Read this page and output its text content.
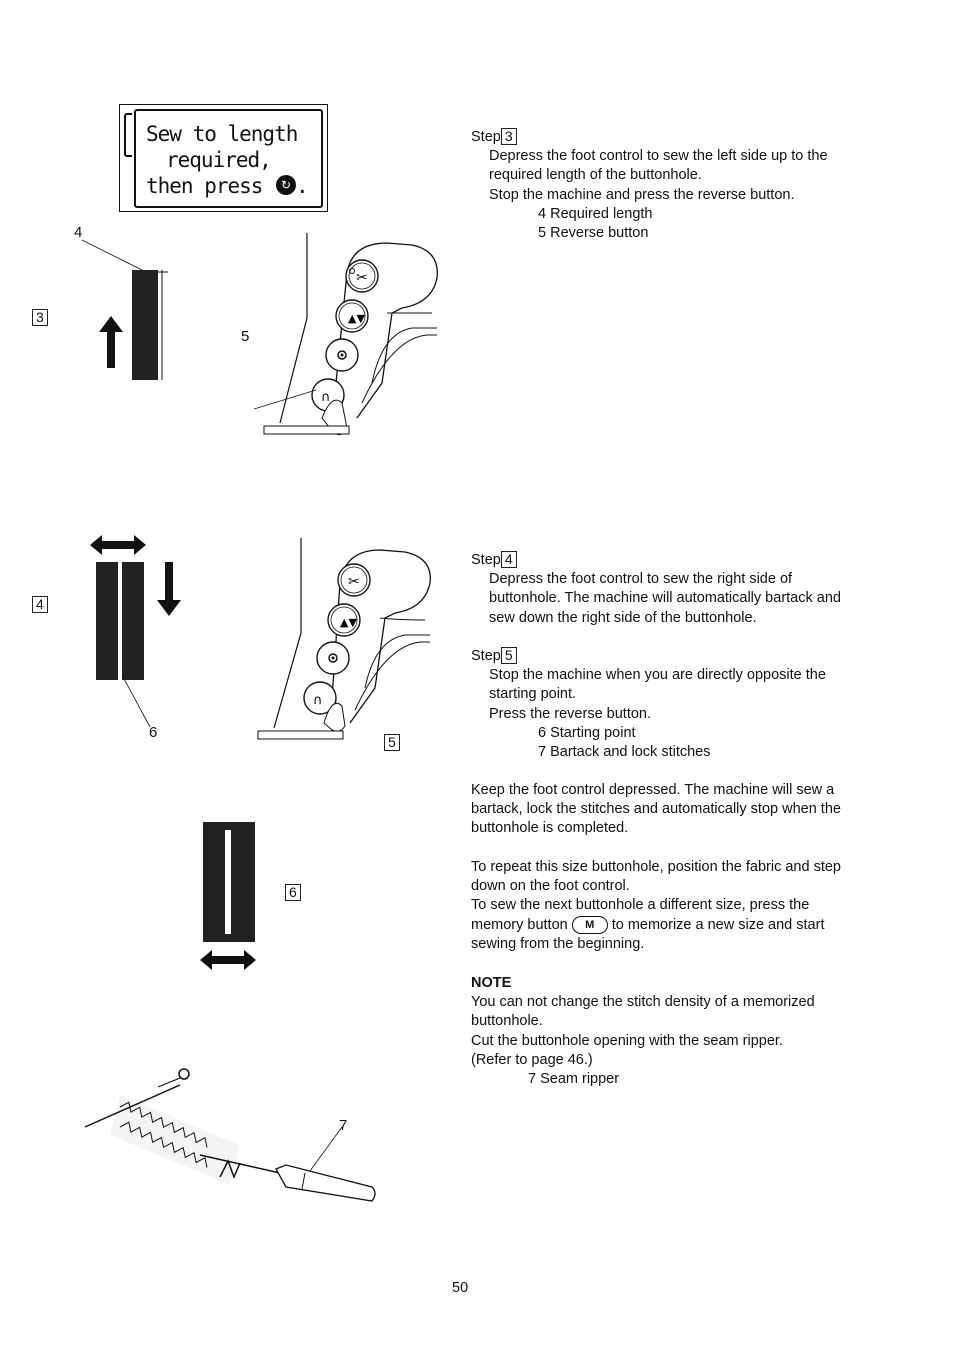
Sew to length
required,
then press	↻ .
4
3
5
✂
▲▼
∩
4
6
✂
▲▼
∩
5
6
7
Step 3
Depress the foot control to sew the left side up to the
required length of the buttonhole.
Stop the machine and press the reverse button.
4 Required length
5 Reverse button
Step 4
Depress the foot control to sew the right side of
buttonhole. The machine will automatically bartack and
sew down the right side of the buttonhole.
Step 5
Stop the machine when you are directly opposite the
starting point.
Press the reverse button.
6 Starting point
7 Bartack and lock stitches
Keep the foot control depressed. The machine will sew a
bartack, lock the stitches and automatically stop when the
buttonhole is completed.
To repeat this size buttonhole, position the fabric and step
down on the foot control.
To sew the next buttonhole a different size, press the
memory button M to memorize a new size and start
sewing from the beginning.
NOTE
You can not change the stitch density of a memorized
buttonhole.
Cut the buttonhole opening with the seam ripper.
(Refer to page 46.)
7 Seam ripper
50
